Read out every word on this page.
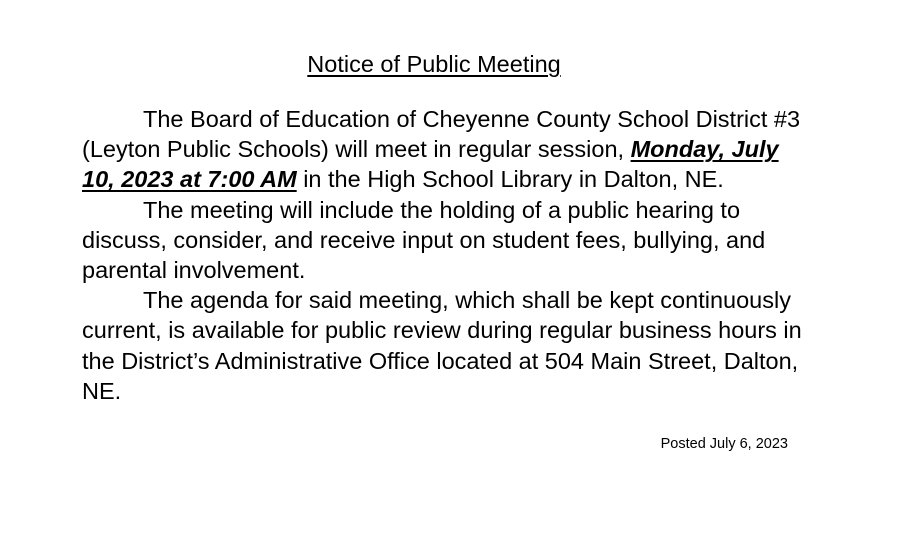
Notice of Public Meeting

The Board of Education of Cheyenne County School District #3 (Leyton Public Schools) will meet in regular session, Monday, July 10, 2023 at 7:00 AM in the High School Library in Dalton, NE.

The meeting will include the holding of a public hearing to discuss, consider, and receive input on student fees, bullying, and parental involvement.

The agenda for said meeting, which shall be kept continuously current, is available for public review during regular business hours in the District’s Administrative Office located at 504 Main Street, Dalton, NE.

Posted July 6, 2023
